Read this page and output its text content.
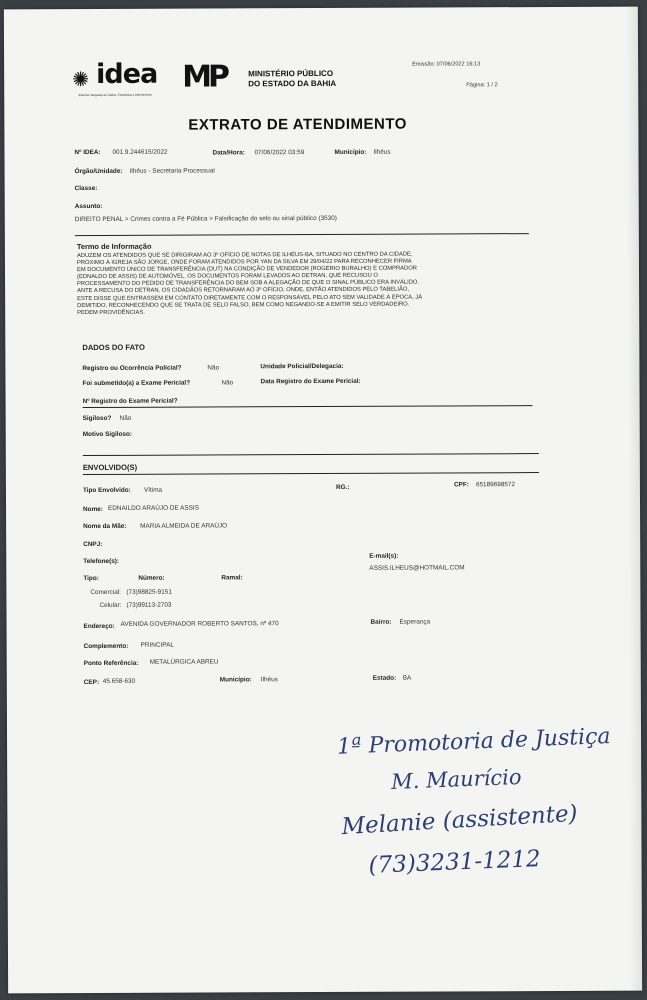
✺ idea
Sistema Integrado de Dados, Estatística e Atendimento
MP	MINISTÉRIO PÚBLICO
DO ESTADO DA BAHIA
Emissão: 07/06/2022 16:13
Página: 1 / 2
EXTRATO DE ATENDIMENTO
Nº IDEA: 001.9.244615/2022	Data/Hora: 07/06/2022 03:59	Município: Ilhéus
Órgão/Unidade: Ilhéus - Secretaria Processual
Classe:
Assunto:
DIREITO PENAL > Crimes contra a Fé Pública > Falsificação do selo ou sinal público (3530)
Termo de Informação
ADUZEM OS ATENDIDOS QUE SE DIRIGIRAM AO 3º OFÍCIO DE NOTAS DE ILHÉUS-BA, SITUADO NO CENTRO DA CIDADE,
PRÓXIMO À IGREJA SÃO JORGE, ONDE FORAM ATENDIDOS POR YAN DA SILVA EM 29/04/22 PARA RECONHECER FIRMA
EM DOCUMENTO ÚNICO DE TRANSFERÊNCIA (DUT) NA CONDIÇÃO DE VENDEDOR (ROGÉRIO BURALHO) E COMPRADOR
(EDNALDO DE ASSIS) DE AUTOMÓVEL. OS DOCUMENTOS FORAM LEVADOS AO DETRAN, QUE RECUSOU O
PROCESSAMENTO DO PEDIDO DE TRANSFERÊNCIA DO BEM SOB A ALEGAÇÃO DE QUE O SINAL PÚBLICO ERA INVÁLIDO.
ANTE A RECUSA DO DETRAN, OS CIDADÃOS RETORNARAM AO 3º OFÍCIO, ONDE, ENTÃO ATENDIDOS PELO TABELIÃO,
ESTE DISSE QUE ENTRASSEM EM CONTATO DIRETAMENTE COM O RESPONSÁVEL PELO ATO SEM VALIDADE À ÉPOCA, JÁ
DEMITIDO, RECONHECENDO QUE SE TRATA DE SELO FALSO, BEM COMO NEGANDO-SE A EMITIR SELO VERDADEIRO.
PEDEM PROVIDÊNCIAS.
DADOS DO FATO
Registro ou Ocorrência Policial?	Não	Unidade Policial/Delegacia:
Foi submetido(a) a Exame Pericial?	Não	Data Registro do Exame Pericial:
Nº Registro do Exame Pericial?
Sigiloso? Não
Motivo Sigiloso:
ENVOLVIDO(S)
Tipo Envolvido: Vítima	RG.:	CPF: 65189698572
Nome: EDNAILDO ARAÚJO DE ASSIS
Nome da Mãe: MARIA ALMEIDA DE ARAÚJO
CNPJ:
Telefone(s):
E-mail(s):
ASSIS.ILHEUS@HOTMAIL.COM
Tipo:	Número:	Ramal:
Comercial: (73)98825-9151
Celular: (73)99113-2703
Endereço: AVENIDA GOVERNADOR ROBERTO SANTOS, nº 470	Bairro: Esperança
Complemento: PRINCIPAL
Ponto Referência: METALÚRGICA ABREU
CEP: 45.658-630	Município: Ilhéus	Estado: BA
1ª Promotoria de Justiça
M. Maurício
Melanie (assistente)
(73)3231-1212
